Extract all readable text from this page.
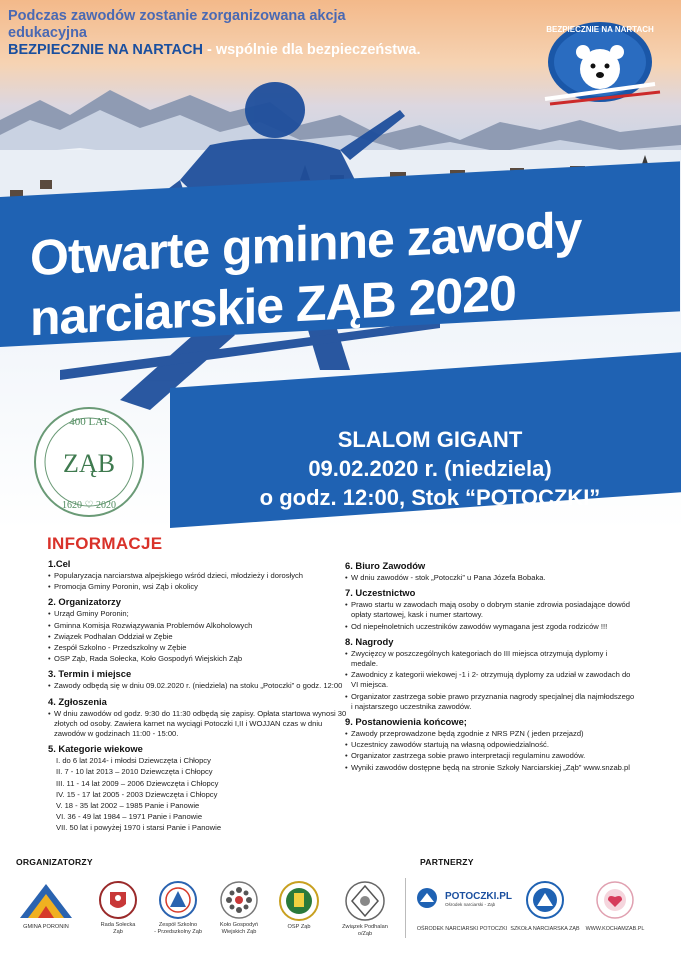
Podczas zawodów zostanie zorganizowana akcja edukacyjna
BEZPIECZNIE NA NARTACH - wspólnie dla bezpieczeństwa.
BEZPIECZNIE NA NARTACH
Otwarte gminne zawody
narciarskie ZĄB 2020
SLALOM GIGANT
09.02.2020 r. (niedziela)
o godz. 12:00, Stok “POTOCZKI”
400 LAT
ZĄB
1620 ♡ 2020
INFORMACJE
1.Cel
• Popularyzacja narciarstwa alpejskiego wśród dzieci, młodzieży i dorosłych
• Promocja Gminy Poronin, wsi Ząb i okolicy
2. Organizatorzy
• Urząd Gminy Poronin;
• Gminna Komisja Rozwiązywania Problemów Alkoholowych
• Związek Podhalan Oddział w Zębie
• Zespół Szkolno - Przedszkolny w Zębie
• OSP Ząb, Rada Sołecka, Koło Gospodyń Wiejskich Ząb
3. Termin i miejsce
• Zawody odbędą się w dniu 09.02.2020 r. (niedziela) na stoku „Potoczki” o godz. 12:00
4. Zgłoszenia
• W dniu zawodów od godz. 9:30 do 11:30 odbędą się zapisy. Opłata startowa wynosi 30 złotych od osoby. Zawiera karnet na wyciągi Potoczki I,II i WOJJAN czas w dniu zawodów w godzinach 11:00 - 15:00.
5. Kategorie wiekowe
I. do 6 lat 2014- i młodsi Dziewczęta i Chłopcy
II. 7 - 10 lat 2013 – 2010 Dziewczęta i Chłopcy
III. 11 - 14 lat 2009 – 2006 Dziewczęta i Chłopcy
IV. 15 - 17 lat 2005 - 2003 Dziewczęta i Chłopcy
V. 18 - 35 lat 2002 – 1985 Panie i Panowie
VI. 36 - 49 lat 1984 – 1971 Panie i Panowie
VII. 50 lat i powyżej 1970 i starsi Panie i Panowie
6. Biuro Zawodów
• W dniu zawodów - stok „Potoczki” u Pana Józefa Bobaka.
7. Uczestnictwo
• Prawo startu w zawodach mają osoby o dobrym stanie zdrowia posiadające dowód opłaty startowej, kask i numer startowy.
• Od niepełnoletnich uczestników zawodów wymagana jest zgoda rodziców !!!
8. Nagrody
• Zwycięzcy w poszczególnych kategoriach do III miejsca otrzymują dyplomy i medale.
• Zawodnicy z kategorii wiekowej -1 i 2- otrzymują dyplomy za udział w zawodach do VI miejsca.
• Organizator zastrzega sobie prawo przyznania nagrody specjalnej dla najmłodszego i najstarszego uczestnika zawodów.
9. Postanowienia końcowe;
• Zawody przeprowadzone będą zgodnie z NRS PZN ( jeden przejazd)
• Uczestnicy zawodów startują na własną odpowiedzialność.
• Organizator zastrzega sobie prawo interpretacji regulaminu zawodów.
• Wyniki zawodów dostępne będą na stronie Szkoły Narciarskiej „Ząb” www.snzab.pl
ORGANIZATORZY	PARTNERZY
GMINA PORONIN	Rada Sołecka
Ząb
Zespół Szkolno
- Przedszkolny Ząb
Koło Gospodyń
Wiejskich Ząb
OSP Ząb	Związek Podhalan
o/Ząb
POTOCZKI.PL
Ośrodek narciarski - Ząb
OŚRODEK NARCIARSKI POTOCZKI SZKOŁA NARCIARSKA ZĄB	WWW.KOCHAMZAB.PL
